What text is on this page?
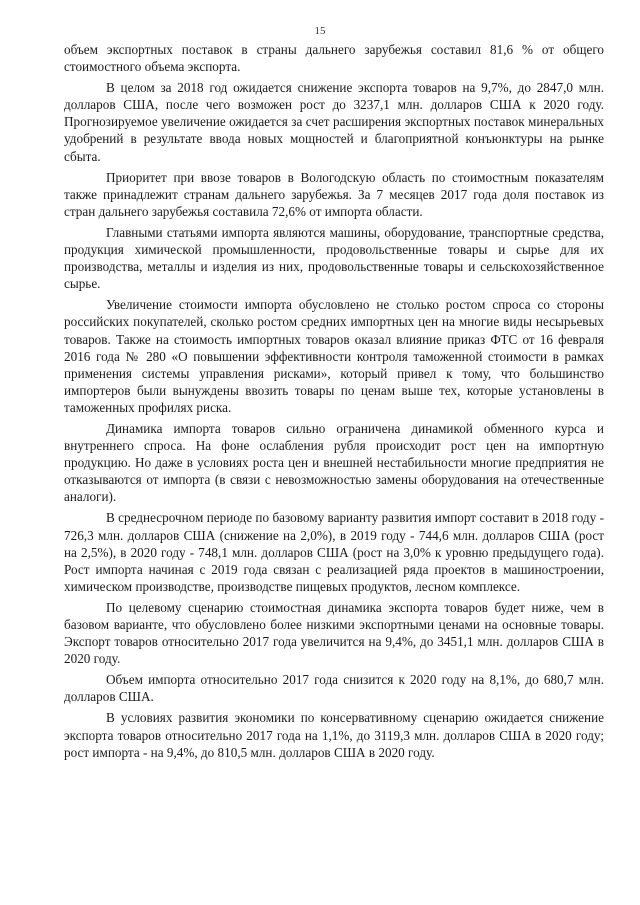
15

объем экспортных поставок в страны дальнего зарубежья составил 81,6 % от общего стоимостного объема экспорта.

В целом за 2018 год ожидается снижение экспорта товаров на 9,7%, до 2847,0 млн. долларов США, после чего возможен рост до 3237,1 млн. долларов США к 2020 году. Прогнозируемое увеличение ожидается за счет расширения экспортных поставок минеральных удобрений в результате ввода новых мощностей и благоприятной конъюнктуры на рынке сбыта.

Приоритет при ввозе товаров в Вологодскую область по стоимостным показателям также принадлежит странам дальнего зарубежья. За 7 месяцев 2017 года доля поставок из стран дальнего зарубежья составила 72,6% от импорта области.

Главными статьями импорта являются машины, оборудование, транспортные средства, продукция химической промышленности, продовольственные товары и сырье для их производства, металлы и изделия из них, продовольственные товары и сельскохозяйственное сырье.

Увеличение стоимости импорта обусловлено не столько ростом спроса со стороны российских покупателей, сколько ростом средних импортных цен на многие виды несырьевых товаров. Также на стоимость импортных товаров оказал влияние приказ ФТС от 16 февраля 2016 года № 280 «О повышении эффективности контроля таможенной стоимости в рамках применения системы управления рисками», который привел к тому, что большинство импортеров были вынуждены ввозить товары по ценам выше тех, которые установлены в таможенных профилях риска.

Динамика импорта товаров сильно ограничена динамикой обменного курса и внутреннего спроса. На фоне ослабления рубля происходит рост цен на импортную продукцию. Но даже в условиях роста цен и внешней нестабильности многие предприятия не отказываются от импорта (в связи с невозможностью замены оборудования на отечественные аналоги).

В среднесрочном периоде по базовому варианту развития импорт составит в 2018 году - 726,3 млн. долларов США (снижение на 2,0%), в 2019 году - 744,6 млн. долларов США (рост на 2,5%), в 2020 году - 748,1 млн. долларов США (рост на 3,0% к уровню предыдущего года). Рост импорта начиная с 2019 года связан с реализацией ряда проектов в машиностроении, химическом производстве, производстве пищевых продуктов, лесном комплексе.

По целевому сценарию стоимостная динамика экспорта товаров будет ниже, чем в базовом варианте, что обусловлено более низкими экспортными ценами на основные товары. Экспорт товаров относительно 2017 года увеличится на 9,4%, до 3451,1 млн. долларов США в 2020 году.

Объем импорта относительно 2017 года снизится к 2020 году на 8,1%, до 680,7 млн. долларов США.

В условиях развития экономики по консервативному сценарию ожидается снижение экспорта товаров относительно 2017 года на 1,1%, до 3119,3 млн. долларов США в 2020 году; рост импорта - на 9,4%, до 810,5 млн. долларов США в 2020 году.
